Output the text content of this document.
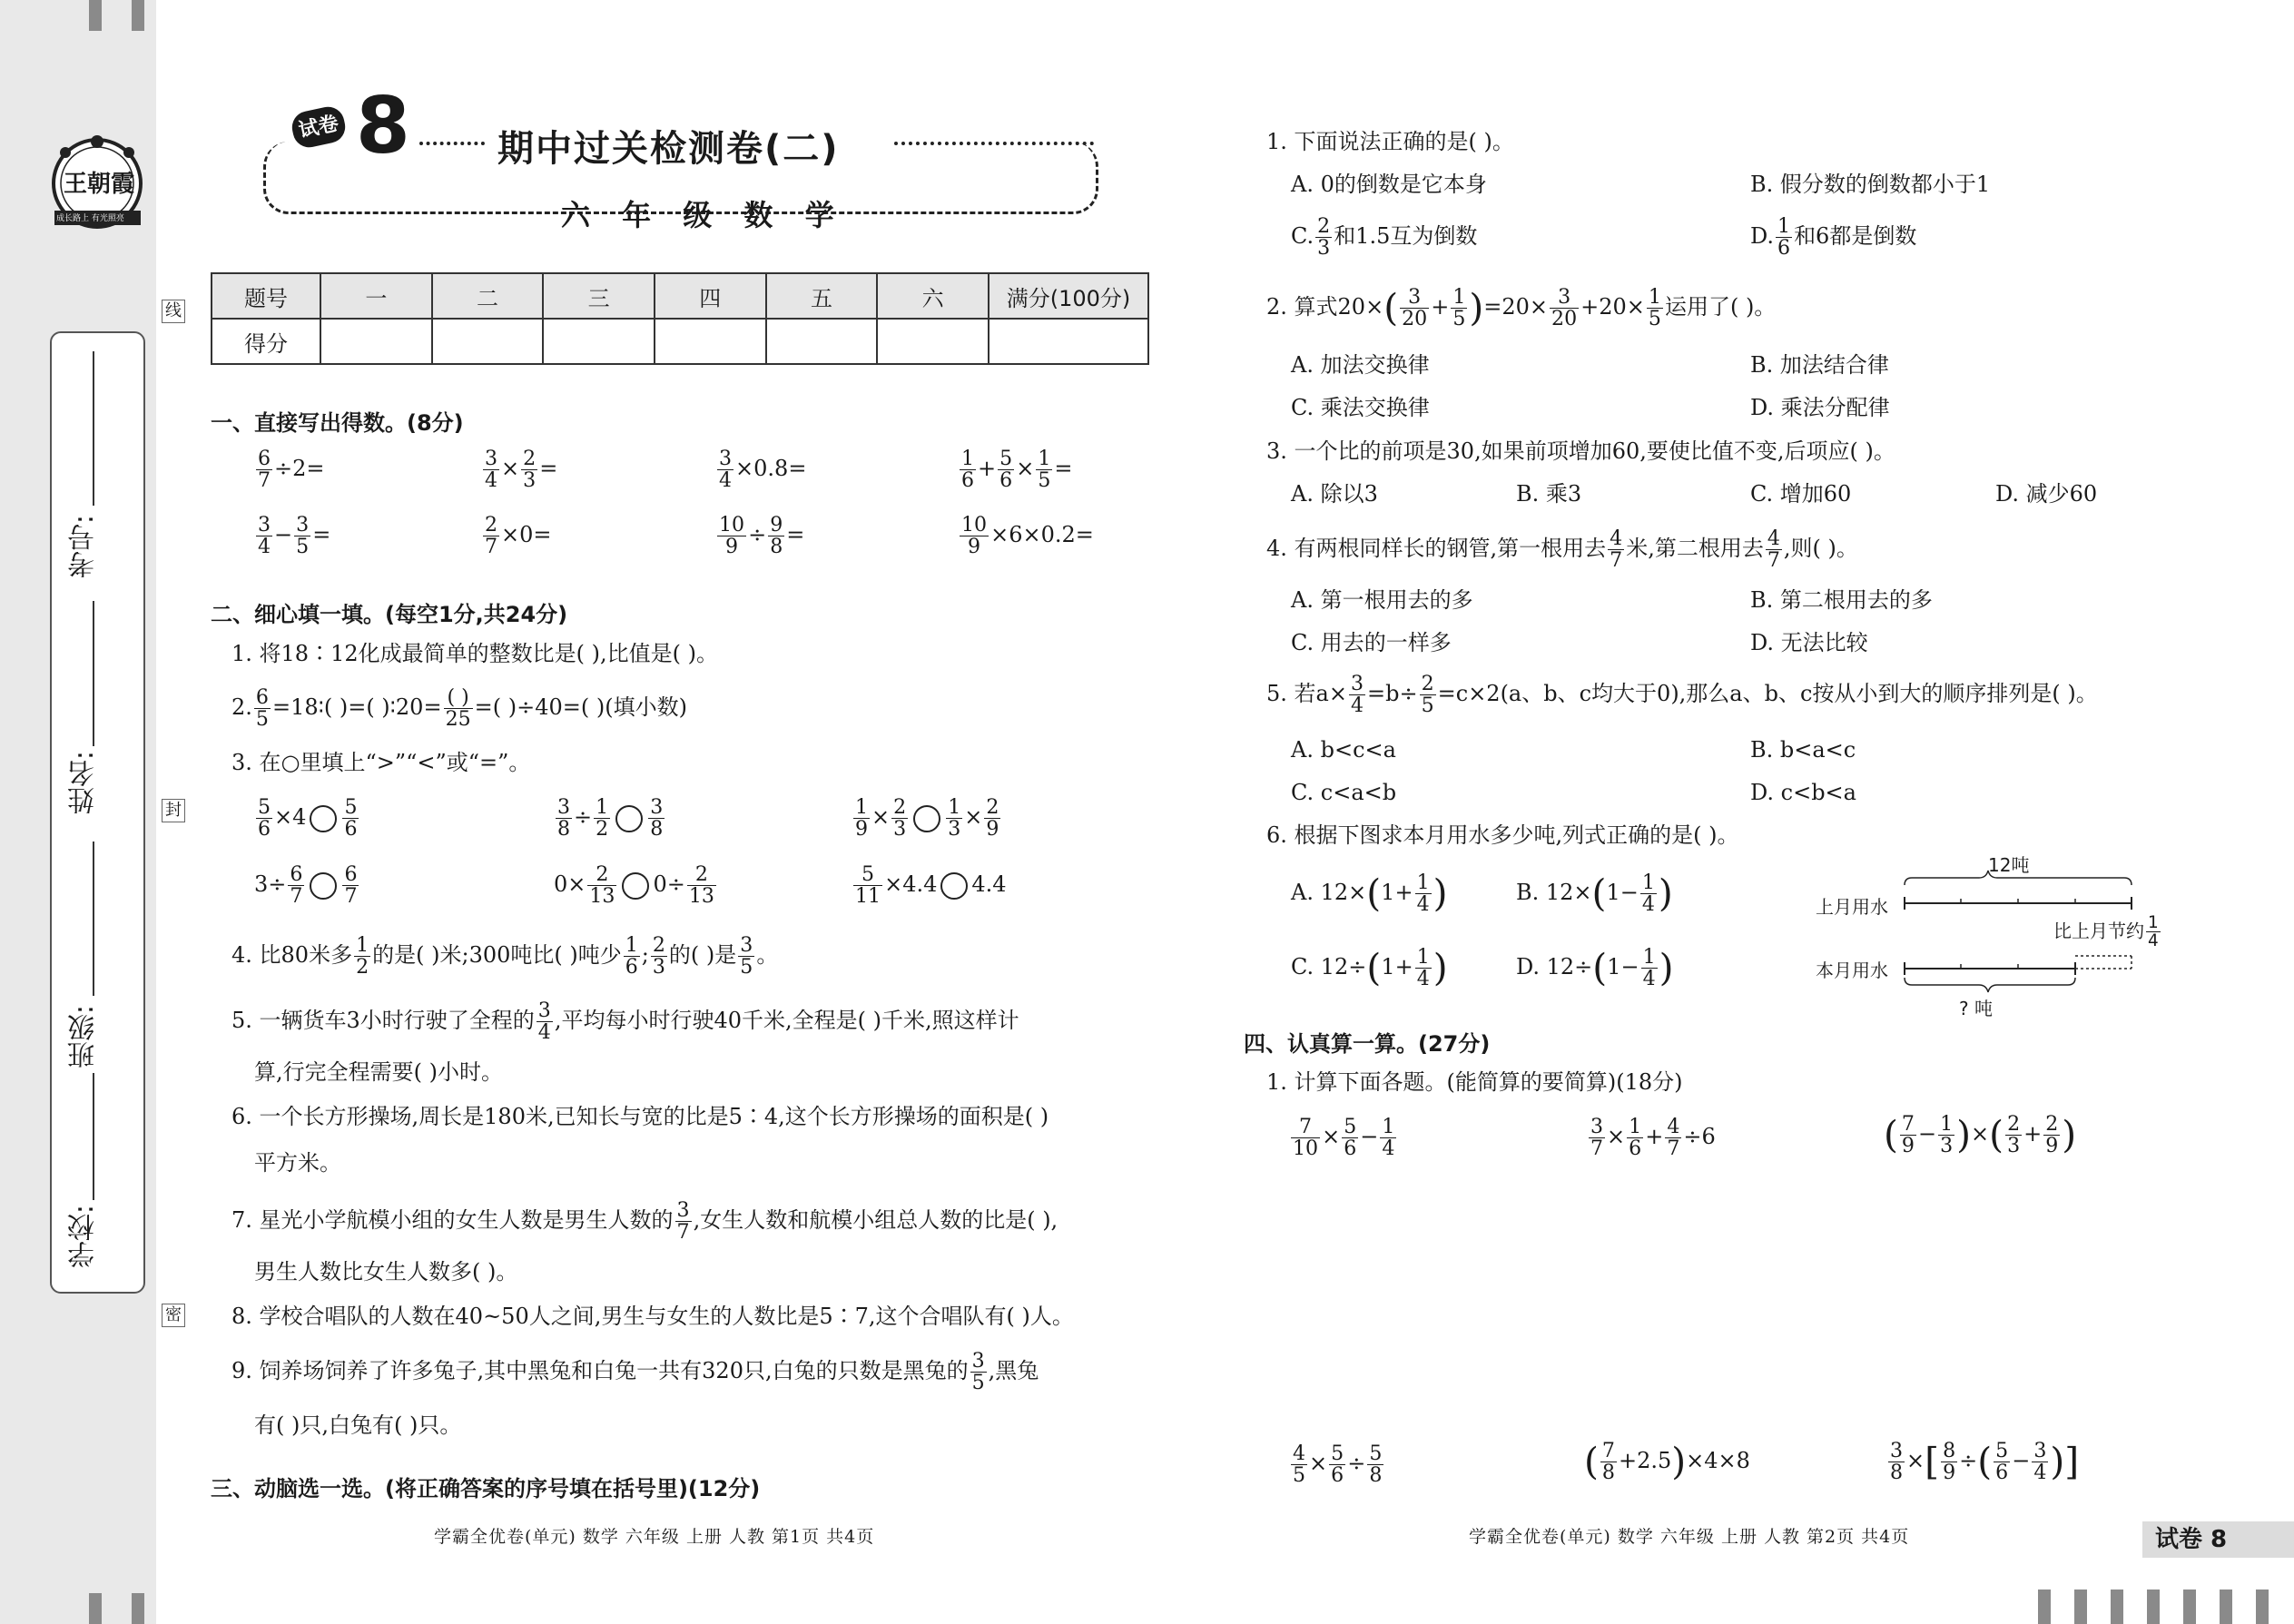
王朝霞
成长路上 有光照亮
考号:
姓名:
班级:
学校:
线
封
密
试卷 8 期中过关检测卷(二)
六 年 级 数 学
题号	一	二	三	四	五	六	满分(100分)
得分							
一、直接写出得数。(8分)
$\frac{6}{7} \div 2=$	$\frac{3}{4} \times \frac{2}{3}$ =	$\frac{3}{4} \times 0.8=$	$\frac{1}{6} + \frac{5}{6} \times \frac{1}{5}$ =
$\frac{3}{4} - \frac{3}{5}$ =	$\frac{2}{7} \times 0=$	$\frac{10}{9} \div \frac{9}{8}$ =	$\frac{10}{9} \times 6\times 0.2=$
二、细心填一填。(每空1分,共24分)
1. 将18∶12化成最简单的整数比是( ),比值是( )。
2. $\frac{6}{5}$ =18∶( )=( )∶20= $\frac{( )}{25}$ =( )÷40=( )(填小数)
3. 在○里填上“>”“<”或“=”。
$\frac{5}{6} \times 4 \frac{5}{6}$	$\frac{3}{8} \div \frac{1}{2} \frac{3}{8}$	$\frac{1}{9} \times \frac{2}{3} \frac{1}{3} \times \frac{2}{9}$
$3\div \frac{6}{7} \frac{6}{7}$	$0\times \frac{2}{13} 0\div \frac{2}{13}$	$\frac{5}{11} \times 4.4$ 4.4
4. 比80米多 $\frac{1}{2}$ 的是( )米;300吨比( )吨少 $\frac{1}{6}$ ; $\frac{2}{3}$ 的( )是 $\frac{3}{5}$ 。
5. 一辆货车3小时行驶了全程的 $\frac{3}{4}$ ,平均每小时行驶40千米,全程是( )千米,照这样计
算,行完全程需要( )小时。
6. 一个长方形操场,周长是180米,已知长与宽的比是5∶4,这个长方形操场的面积是( )
平方米。
7. 星光小学航模小组的女生人数是男生人数的 $\frac{3}{7}$ ,女生人数和航模小组总人数的比是( ),
男生人数比女生人数多( )。
8. 学校合唱队的人数在40~50人之间,男生与女生的人数比是5∶7,这个合唱队有( )人。
9. 饲养场饲养了许多兔子,其中黑兔和白兔一共有320只,白兔的只数是黑兔的 $\frac{3}{5}$ ,黑兔
有( )只,白兔有( )只。
三、动脑选一选。(将正确答案的序号填在括号里)(12分)
学霸全优卷(单元) 数学 六年级 上册 人教 第1页 共4页
1. 下面说法正确的是( )。
A. 0的倒数是它本身	B. 假分数的倒数都小于1
C. $\frac{2}{3}$ 和1.5互为倒数	D. $\frac{1}{6}$ 和6都是倒数
2. 算式$20\times( \frac{3}{20} + \frac{1}{5} )=20\times \frac{3}{20} +20\times \frac{1}{5}$ 运用了( )。
A. 加法交换律	B. 加法结合律
C. 乘法交换律	D. 乘法分配律
3. 一个比的前项是30,如果前项增加60,要使比值不变,后项应( )。
A. 除以3	B. 乘3	C. 增加60	D. 减少60
4. 有两根同样长的钢管,第一根用去 $\frac{4}{7}$ 米,第二根用去 $\frac{4}{7}$ ,则( )。
A. 第一根用去的多	B. 第二根用去的多
C. 用去的一样多	D. 无法比较
5. 若$a\times \frac{3}{4} =b\div \frac{2}{5} =c\times 2(a$、b、c均大于0),那么a、b、c按从小到大的顺序排列是( )。
A. b<c<a	B. b<a<c
C. c<a<b	D. c<b<a
6. 根据下图求本月用水多少吨,列式正确的是( )。
A. $12\times(1+ \frac{1}{4}$ )	B. $12\times(1- \frac{1}{4}$ )
C. $12\div(1+ \frac{1}{4}$ )	D. $12\div(1- \frac{1}{4}$ )
12吨
上月用水
本月用水
比上月节约 $\frac{1}{4}$
? 吨
四、认真算一算。(27分)
1. 计算下面各题。(能简算的要简算)(18分)
$\frac{7}{10} \times \frac{5}{6} - \frac{1}{4}$	$\frac{3}{7} \times \frac{1}{6} + \frac{4}{7} \div 6$	( $\frac{7}{9} - \frac{1}{3}$ )×( $\frac{2}{3} + \frac{2}{9}$ )
$\frac{4}{5} \times \frac{5}{6} \div \frac{5}{8}$	( $\frac{7}{8} +2.5)\times 4\times 8$	$\frac{3}{8}$ ×[ $\frac{8}{9}$ ÷( $\frac{5}{6} - \frac{3}{4}$ )]
学霸全优卷(单元) 数学 六年级 上册 人教 第2页 共4页	试卷 8
